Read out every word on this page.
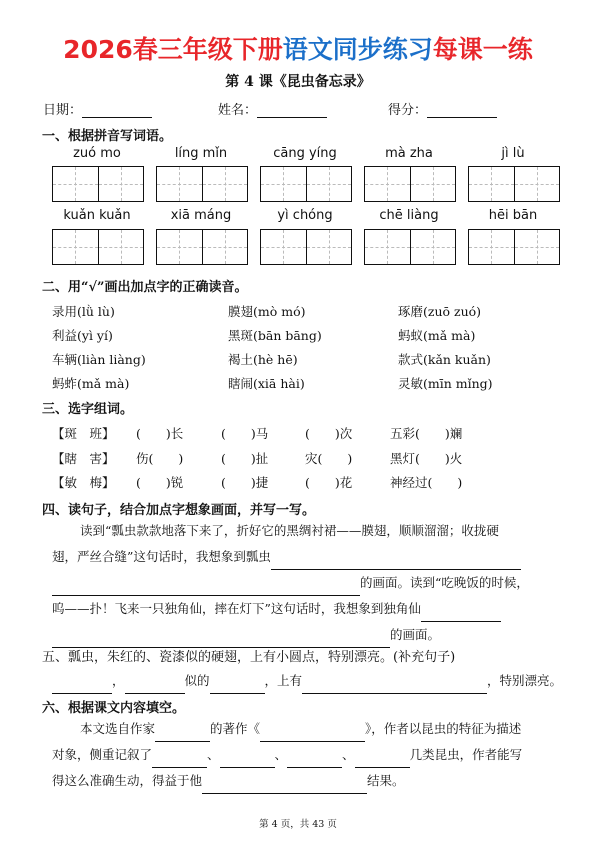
2026春三年级下册语文同步练习每课一练
第 4 课《昆虫备忘录》
日期：	姓名：	得分：
一、根据拼音写词语。
zuó mo	líng mǐn	cāng yíng	mà zha	jì lù
kuǎn kuǎn	xiā máng	yì chóng	chē liàng	hēi bān
二、用“√”画出加点字的正确读音。
录用(lǜ lù)	膜翅(mò mó)	琢磨(zuō zuó)
利益(yì yí)	黑斑(bān bāng)	蚂蚁(mǎ mà)
车辆(liàn liàng)	褐土(hè hē)	款式(kǎn kuǎn)
蚂蚱(mǎ mà)	瞎闹(xiā hài)	灵敏(mīn mǐng)
三、选字组词。
【斑　班】 (　　)长	(　　)马	(　　)次	五彩(　　)斓
【瞎　害】 伤(　　)	(　　)扯	灾(　　)	黑灯(　　)火
【敏　梅】 (　　)锐	(　　)捷	(　　)花	神经过(　　)
四、读句子，结合加点字想象画面，并写一写。
读到“瓢虫款款地落下来了，折好它的黑绸衬裙——膜翅，顺顺溜溜；收拢硬
翅，严丝合缝”这句话时，我想象到瓢虫
的画面。读到“吃晚饭的时候，
呜——扑！飞来一只独角仙，摔在灯下”这句话时，我想象到独角仙
的画面。
五、瓢虫，朱红的、瓷漆似的硬翅，上有小圆点，特别漂亮。(补充句子)
，	似的	，上有	，特别漂亮。
六、根据课文内容填空。
本文选自作家	的著作《	》，作者以昆虫的特征为描述
对象，侧重记叙了	、	、	、	几类昆虫，作者能写
得这么准确生动，得益于他	结果。
第 4 页，共 43 页
